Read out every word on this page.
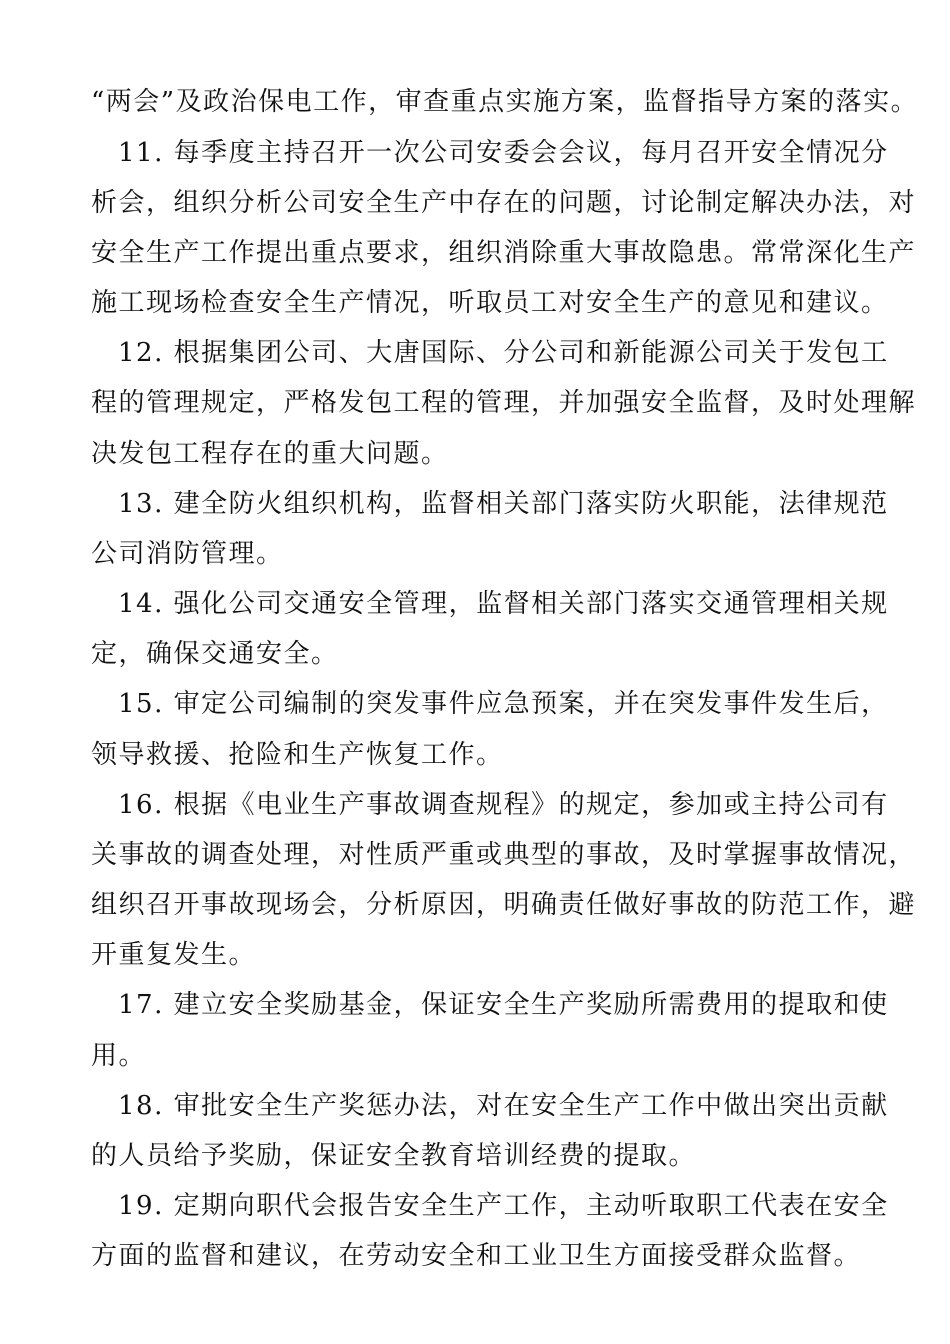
“两会”及政治保电工作，审查重点实施方案，监督指导方案的落实。
11. 每季度主持召开一次公司安委会会议，每月召开安全情况分
析会，组织分析公司安全生产中存在的问题，讨论制定解决办法，对
安全生产工作提出重点要求，组织消除重大事故隐患。常常深化生产
施工现场检查安全生产情况，听取员工对安全生产的意见和建议。
12. 根据集团公司、大唐国际、分公司和新能源公司关于发包工
程的管理规定，严格发包工程的管理，并加强安全监督，及时处理解
决发包工程存在的重大问题。
13. 建全防火组织机构，监督相关部门落实防火职能，法律规范
公司消防管理。
14. 强化公司交通安全管理，监督相关部门落实交通管理相关规
定，确保交通安全。
15. 审定公司编制的突发事件应急预案，并在突发事件发生后，
领导救援、抢险和生产恢复工作。
16. 根据《电业生产事故调查规程》的规定，参加或主持公司有
关事故的调查处理，对性质严重或典型的事故，及时掌握事故情况，
组织召开事故现场会，分析原因，明确责任做好事故的防范工作，避
开重复发生。
17. 建立安全奖励基金，保证安全生产奖励所需费用的提取和使
用。
18. 审批安全生产奖惩办法，对在安全生产工作中做出突出贡献
的人员给予奖励，保证安全教育培训经费的提取。
19. 定期向职代会报告安全生产工作，主动听取职工代表在安全
方面的监督和建议，在劳动安全和工业卫生方面接受群众监督。
